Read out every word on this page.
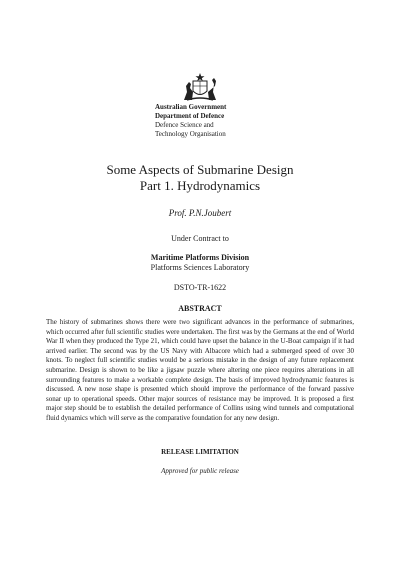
Australian Government
Department of Defence
Defence Science and
Technology Organisation
Some Aspects of Submarine Design
Part 1. Hydrodynamics
Prof. P.N.Joubert
Under Contract to
Maritime Platforms Division
Platforms Sciences Laboratory
DSTO-TR-1622
ABSTRACT
The history of submarines shows there were two significant advances in the performance of submarines, which occurred after full scientific studies were undertaken. The first was by the Germans at the end of World War II when they produced the Type 21, which could have upset the balance in the U-Boat campaign if it had arrived earlier. The second was by the US Navy with Albacore which had a submerged speed of over 30 knots. To neglect full scientific studies would be a serious mistake in the design of any future replacement submarine. Design is shown to be like a jigsaw puzzle where altering one piece requires alterations in all surrounding features to make a workable complete design. The basis of improved hydrodynamic features is discussed. A new nose shape is presented which should improve the performance of the forward passive sonar up to operational speeds. Other major sources of resistance may be improved. It is proposed a first major step should be to establish the detailed performance of Collins using wind tunnels and computational fluid dynamics which will serve as the comparative foundation for any new design.
RELEASE LIMITATION
Approved for public release
